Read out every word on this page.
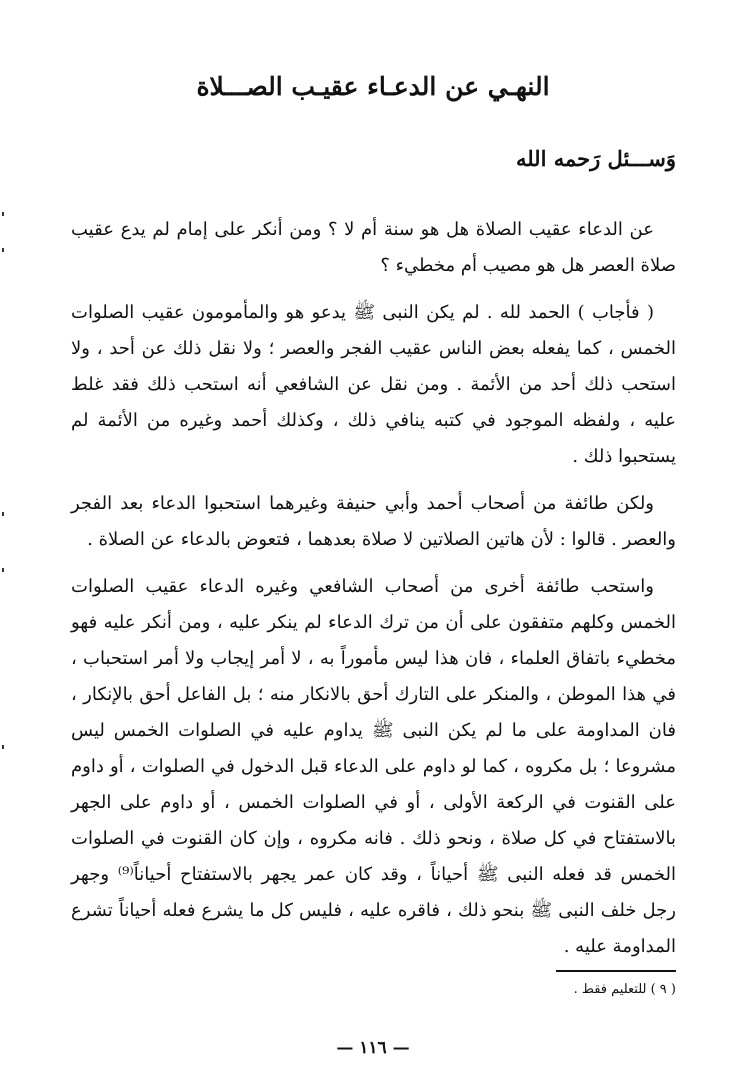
النهـي عن الدعـاء عقيـب الصـــلاة
وَســـئل رَحمه الله

عن الدعاء عقيب الصلاة هل هو سنة أم لا ؟ ومن أنكر على إمام لم يدع عقيب صلاة العصر هل هو مصيب أم مخطيء ؟

( فأجاب ) الحمد لله . لم يكن النبى ﷺ يدعو هو والمأمومون عقيب الصلوات الخمس ، كما يفعله بعض الناس عقيب الفجر والعصر ؛ ولا نقل ذلك عن أحد ، ولا استحب ذلك أحد من الأئمة . ومن نقل عن الشافعي أنه استحب ذلك فقد غلط عليه ، ولفظه الموجود في كتبه ينافي ذلك ، وكذلك أحمد وغيره من الأئمة لم يستحبوا ذلك .

ولكن طائفة من أصحاب أحمد وأبي حنيفة وغيرهما استحبوا الدعاء بعد الفجر والعصر . قالوا : لأن هاتين الصلاتين لا صلاة بعدهما ، فتعوض بالدعاء عن الصلاة .

واستحب طائفة أخرى من أصحاب الشافعي وغيره الدعاء عقيب الصلوات الخمس وكلهم متفقون على أن من ترك الدعاء لم ينكر عليه ، ومن أنكر عليه فهو مخطيء باتفاق العلماء ، فان هذا ليس مأموراً به ، لا أمر إيجاب ولا أمر استحباب ، في هذا الموطن ، والمنكر على التارك أحق بالانكار منه ؛ بل الفاعل أحق بالإنكار ، فان المداومة على ما لم يكن النبى ﷺ يداوم عليه في الصلوات الخمس ليس مشروعا ؛ بل مكروه ، كما لو داوم على الدعاء قبل الدخول في الصلوات ، أو داوم على القنوت في الركعة الأولى ، أو في الصلوات الخمس ، أو داوم على الجهر بالاستفتاح في كل صلاة ، ونحو ذلك . فانه مكروه ، وإن كان القنوت في الصلوات الخمس قد فعله النبى ﷺ أحياناً ، وقد كان عمر يجهر بالاستفتاح أحياناً⁽⁹⁾ وجهر رجل خلف النبى ﷺ بنحو ذلك ، فاقره عليه ، فليس كل ما يشرع فعله أحياناً تشرع المداومة عليه .

( ٩ ) للتعليم فقط .
— ١١٦ —
